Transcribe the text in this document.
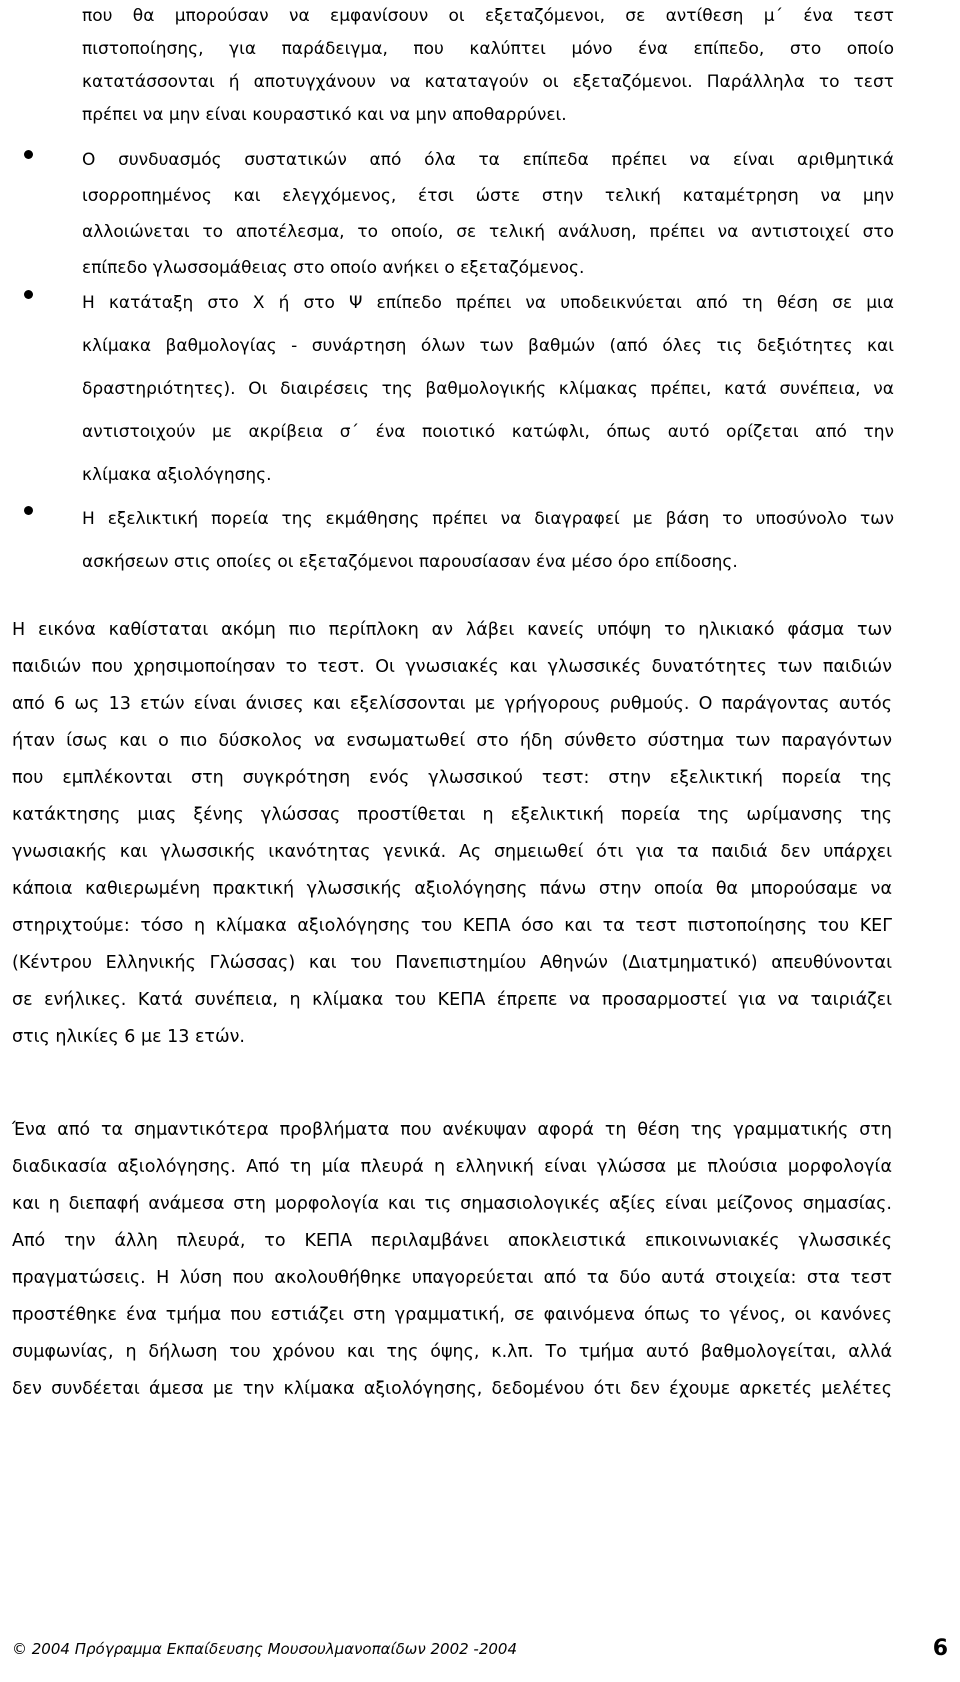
που θα μπορούσαν να εμφανίσουν οι εξεταζόμενοι, σε αντίθεση μ΄ ένα τεστ
πιστοποίησης, για παράδειγμα, που καλύπτει μόνο ένα επίπεδο, στο οποίο
κατατάσσονται ή αποτυγχάνουν να καταταγούν οι εξεταζόμενοι. Παράλληλα το τεστ
πρέπει να μην είναι κουραστικό και να μην αποθαρρύνει.
Ο συνδυασμός συστατικών από όλα τα επίπεδα πρέπει να είναι αριθμητικά
ισορροπημένος και ελεγχόμενος, έτσι ώστε στην τελική καταμέτρηση να μην
αλλοιώνεται το αποτέλεσμα, το οποίο, σε τελική ανάλυση, πρέπει να αντιστοιχεί στο
επίπεδο γλωσσομάθειας στο οποίο ανήκει ο εξεταζόμενος.
Η κατάταξη στο Χ ή στο Ψ επίπεδο πρέπει να υποδεικνύεται από τη θέση σε μια
κλίμακα βαθμολογίας - συνάρτηση όλων των βαθμών (από όλες τις δεξιότητες και
δραστηριότητες). Οι διαιρέσεις της βαθμολογικής κλίμακας πρέπει, κατά συνέπεια, να
αντιστοιχούν με ακρίβεια σ΄ ένα ποιοτικό κατώφλι, όπως αυτό ορίζεται από την
κλίμακα αξιολόγησης.
Η εξελικτική πορεία της εκμάθησης πρέπει να διαγραφεί με βάση το υποσύνολο των
ασκήσεων στις οποίες οι εξεταζόμενοι παρουσίασαν ένα μέσο όρο επίδοσης.
Η εικόνα καθίσταται ακόμη πιο περίπλοκη αν λάβει κανείς υπόψη το ηλικιακό φάσμα των
παιδιών που χρησιμοποίησαν το τεστ. Οι γνωσιακές και γλωσσικές δυνατότητες των παιδιών
από 6 ως 13 ετών είναι άνισες και εξελίσσονται με γρήγορους ρυθμούς. Ο παράγοντας αυτός
ήταν ίσως και ο πιο δύσκολος να ενσωματωθεί στο ήδη σύνθετο σύστημα των παραγόντων
που εμπλέκονται στη συγκρότηση ενός γλωσσικού τεστ: στην εξελικτική πορεία της
κατάκτησης μιας ξένης γλώσσας προστίθεται η εξελικτική πορεία της ωρίμανσης της
γνωσιακής και γλωσσικής ικανότητας γενικά. Ας σημειωθεί ότι για τα παιδιά δεν υπάρχει
κάποια καθιερωμένη πρακτική γλωσσικής αξιολόγησης πάνω στην οποία θα μπορούσαμε να
στηριχτούμε: τόσο η κλίμακα αξιολόγησης του ΚΕΠΑ όσο και τα τεστ πιστοποίησης του ΚΕΓ
(Κέντρου Ελληνικής Γλώσσας) και του Πανεπιστημίου Αθηνών (Διατμηματικό) απευθύνονται
σε ενήλικες. Κατά συνέπεια, η κλίμακα του ΚΕΠΑ έπρεπε να προσαρμοστεί για να ταιριάζει
στις ηλικίες 6 με 13 ετών.
Ένα από τα σημαντικότερα προβλήματα που ανέκυψαν αφορά τη θέση της γραμματικής στη
διαδικασία αξιολόγησης. Από τη μία πλευρά η ελληνική είναι γλώσσα με πλούσια μορφολογία
και η διεπαφή ανάμεσα στη μορφολογία και τις σημασιολογικές αξίες είναι μείζονος σημασίας.
Από την άλλη πλευρά, το ΚΕΠΑ περιλαμβάνει αποκλειστικά επικοινωνιακές γλωσσικές
πραγματώσεις. Η λύση που ακολουθήθηκε υπαγορεύεται από τα δύο αυτά στοιχεία: στα τεστ
προστέθηκε ένα τμήμα που εστιάζει στη γραμματική, σε φαινόμενα όπως το γένος, οι κανόνες
συμφωνίας, η δήλωση του χρόνου και της όψης, κ.λπ. Το τμήμα αυτό βαθμολογείται, αλλά
δεν συνδέεται άμεσα με την κλίμακα αξιολόγησης, δεδομένου ότι δεν έχουμε αρκετές μελέτες
© 2004 Πρόγραμμα Εκπαίδευσης Μουσουλμανοπαίδων 2002 -2004	6
